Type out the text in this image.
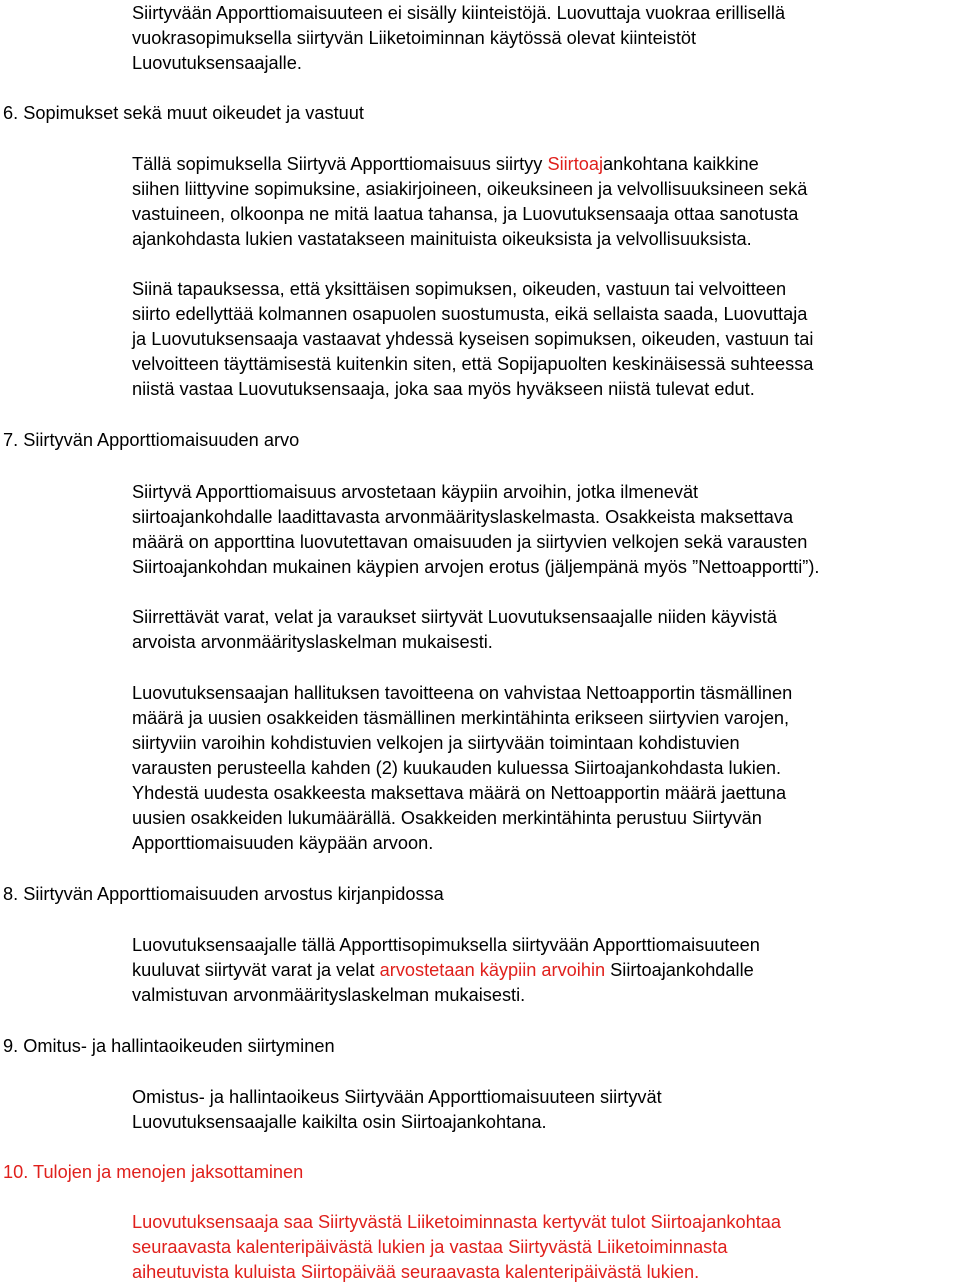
Siirtyvään Apporttiomaisuuteen ei sisälly kiinteistöjä. Luovuttaja vuokraa erillisellä
vuokrasopimuksella siirtyvän Liiketoiminnan käytössä olevat kiinteistöt
Luovutuksensaajalle.
6. Sopimukset sekä muut oikeudet ja vastuut
Tällä sopimuksella Siirtyvä Apporttiomaisuus siirtyy Siirtoajankohtana kaikkine
siihen liittyvine sopimuksine, asiakirjoineen, oikeuksineen ja velvollisuuksineen sekä
vastuineen, olkoonpa ne mitä laatua tahansa, ja Luovutuksensaaja ottaa sanotusta
ajankohdasta lukien vastatakseen mainituista oikeuksista ja velvollisuuksista.
Siinä tapauksessa, että yksittäisen sopimuksen, oikeuden, vastuun tai velvoitteen
siirto edellyttää kolmannen osapuolen suostumusta, eikä sellaista saada, Luovuttaja
ja Luovutuksensaaja vastaavat yhdessä kyseisen sopimuksen, oikeuden, vastuun tai
velvoitteen täyttämisestä kuitenkin siten, että Sopijapuolten keskinäisessä suhteessa
niistä vastaa Luovutuksensaaja, joka saa myös hyväkseen niistä tulevat edut.
7. Siirtyvän Apporttiomaisuuden arvo
Siirtyvä Apporttiomaisuus arvostetaan käypiin arvoihin, jotka ilmenevät
siirtoajankohdalle laadittavasta arvonmäärityslaskelmasta. Osakkeista maksettava
määrä on apporttina luovutettavan omaisuuden ja siirtyvien velkojen sekä varausten
Siirtoajankohdan mukainen käypien arvojen erotus (jäljempänä myös ”Nettoapportti”).
Siirrettävät varat, velat ja varaukset siirtyvät Luovutuksensaajalle niiden käyvistä
arvoista arvonmäärityslaskelman mukaisesti.
Luovutuksensaajan hallituksen tavoitteena on vahvistaa Nettoapportin täsmällinen
määrä ja uusien osakkeiden täsmällinen merkintähinta erikseen siirtyvien varojen,
siirtyviin varoihin kohdistuvien velkojen ja siirtyvään toimintaan kohdistuvien
varausten perusteella kahden (2) kuukauden kuluessa Siirtoajankohdasta lukien.
Yhdestä uudesta osakkeesta maksettava määrä on Nettoapportin määrä jaettuna
uusien osakkeiden lukumäärällä. Osakkeiden merkintähinta perustuu Siirtyvän
Apporttiomaisuuden käypään arvoon.
8. Siirtyvän Apporttiomaisuuden arvostus kirjanpidossa
Luovutuksensaajalle tällä Apporttisopimuksella siirtyvään Apporttiomaisuuteen
kuuluvat siirtyvät varat ja velat arvostetaan käypiin arvoihin Siirtoajankohdalle
valmistuvan arvonmäärityslaskelman mukaisesti.
9. Omitus- ja hallintaoikeuden siirtyminen
Omistus- ja hallintaoikeus Siirtyvään Apporttiomaisuuteen siirtyvät
Luovutuksensaajalle kaikilta osin Siirtoajankohtana.
10. Tulojen ja menojen jaksottaminen
Luovutuksensaaja saa Siirtyvästä Liiketoiminnasta kertyvät tulot Siirtoajankohtaa
seuraavasta kalenteripäivästä lukien ja vastaa Siirtyvästä Liiketoiminnasta
aiheutuvista kuluista Siirtopäivää seuraavasta kalenteripäivästä lukien.
